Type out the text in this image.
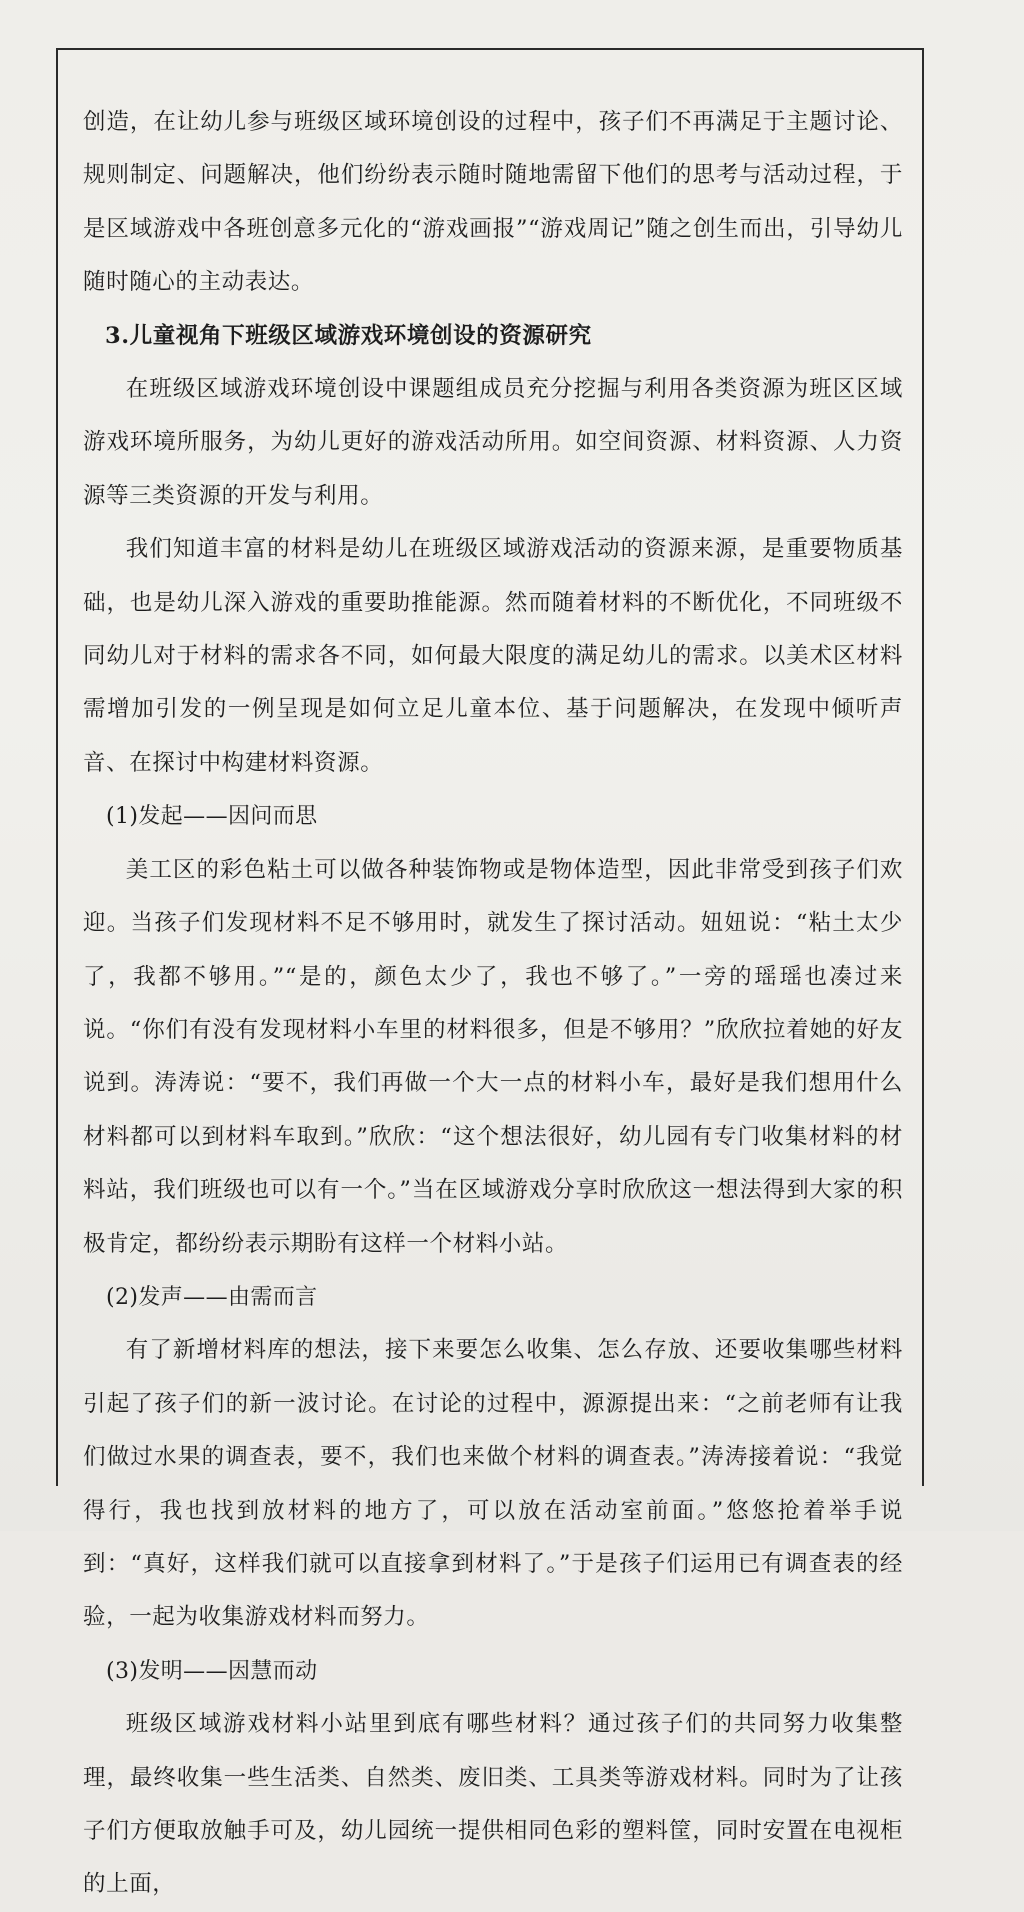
创造，在让幼儿参与班级区域环境创设的过程中，孩子们不再满足于主题讨论、规则制定、问题解决，他们纷纷表示随时随地需留下他们的思考与活动过程，于是区域游戏中各班创意多元化的“游戏画报”“游戏周记”随之创生而出，引导幼儿随时随心的主动表达。

3.儿童视角下班级区域游戏环境创设的资源研究

在班级区域游戏环境创设中课题组成员充分挖掘与利用各类资源为班区区域游戏环境所服务，为幼儿更好的游戏活动所用。如空间资源、材料资源、人力资源等三类资源的开发与利用。

我们知道丰富的材料是幼儿在班级区域游戏活动的资源来源，是重要物质基础，也是幼儿深入游戏的重要助推能源。然而随着材料的不断优化，不同班级不同幼儿对于材料的需求各不同，如何最大限度的满足幼儿的需求。以美术区材料需增加引发的一例呈现是如何立足儿童本位、基于问题解决，在发现中倾听声音、在探讨中构建材料资源。

(1)发起——因问而思

美工区的彩色粘土可以做各种装饰物或是物体造型，因此非常受到孩子们欢迎。当孩子们发现材料不足不够用时，就发生了探讨活动。妞妞说：“粘土太少了，我都不够用。”“是的，颜色太少了，我也不够了。”一旁的瑶瑶也凑过来说。“你们有没有发现材料小车里的材料很多，但是不够用？”欣欣拉着她的好友说到。涛涛说：“要不，我们再做一个大一点的材料小车，最好是我们想用什么材料都可以到材料车取到。”欣欣：“这个想法很好，幼儿园有专门收集材料的材料站，我们班级也可以有一个。”当在区域游戏分享时欣欣这一想法得到大家的积极肯定，都纷纷表示期盼有这样一个材料小站。

(2)发声——由需而言

有了新增材料库的想法，接下来要怎么收集、怎么存放、还要收集哪些材料引起了孩子们的新一波讨论。在讨论的过程中，源源提出来：“之前老师有让我们做过水果的调查表，要不，我们也来做个材料的调查表。”涛涛接着说：“我觉得行，我也找到放材料的地方了，可以放在活动室前面。”悠悠抢着举手说到：“真好，这样我们就可以直接拿到材料了。”于是孩子们运用已有调查表的经验，一起为收集游戏材料而努力。

(3)发明——因慧而动

班级区域游戏材料小站里到底有哪些材料？通过孩子们的共同努力收集整理，最终收集一些生活类、自然类、废旧类、工具类等游戏材料。同时为了让孩子们方便取放触手可及，幼儿园统一提供相同色彩的塑料筐，同时安置在电视柜的上面，
